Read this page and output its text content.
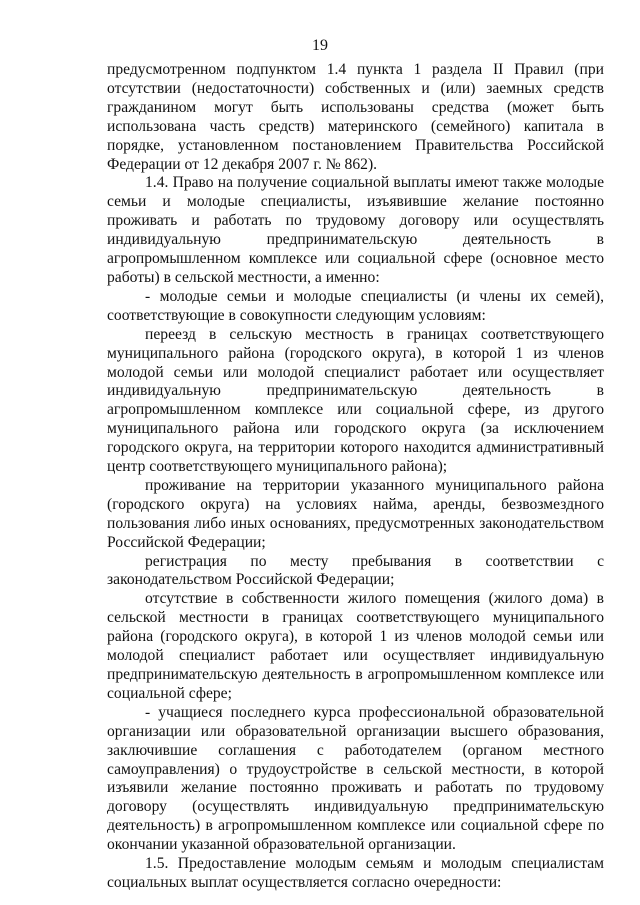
19

предусмотренном подпунктом 1.4 пункта 1 раздела II Правил (при отсутствии (недостаточности) собственных и (или) заемных средств гражданином могут быть использованы средства (может быть использована часть средств) материнского (семейного) капитала в порядке, установленном постановлением Правительства Российской Федерации от 12 декабря 2007 г. № 862).

1.4. Право на получение социальной выплаты имеют также молодые семьи и молодые специалисты, изъявившие желание постоянно проживать и работать по трудовому договору или осуществлять индивидуальную предпринимательскую деятельность в агропромышленном комплексе или социальной сфере (основное место работы) в сельской местности, а именно:

- молодые семьи и молодые специалисты (и члены их семей), соответствующие в совокупности следующим условиям:

переезд в сельскую местность в границах соответствующего муниципального района (городского округа), в которой 1 из членов молодой семьи или молодой специалист работает или осуществляет индивидуальную предпринимательскую деятельность в агропромышленном комплексе или социальной сфере, из другого муниципального района или городского округа (за исключением городского округа, на территории которого находится административный центр соответствующего муниципального района);

проживание на территории указанного муниципального района (городского округа) на условиях найма, аренды, безвозмездного пользования либо иных основаниях, предусмотренных законодательством Российской Федерации;

регистрация по месту пребывания в соответствии с законодательством Российской Федерации;

отсутствие в собственности жилого помещения (жилого дома) в сельской местности в границах соответствующего муниципального района (городского округа), в которой 1 из членов молодой семьи или молодой специалист работает или осуществляет индивидуальную предпринимательскую деятельность в агропромышленном комплексе или социальной сфере;

- учащиеся последнего курса профессиональной образовательной организации или образовательной организации высшего образования, заключившие соглашения с работодателем (органом местного самоуправления) о трудоустройстве в сельской местности, в которой изъявили желание постоянно проживать и работать по трудовому договору (осуществлять индивидуальную предпринимательскую деятельность) в агропромышленном комплексе или социальной сфере по окончании указанной образовательной организации.

1.5. Предоставление молодым семьям и молодым специалистам социальных выплат осуществляется согласно очередности:
